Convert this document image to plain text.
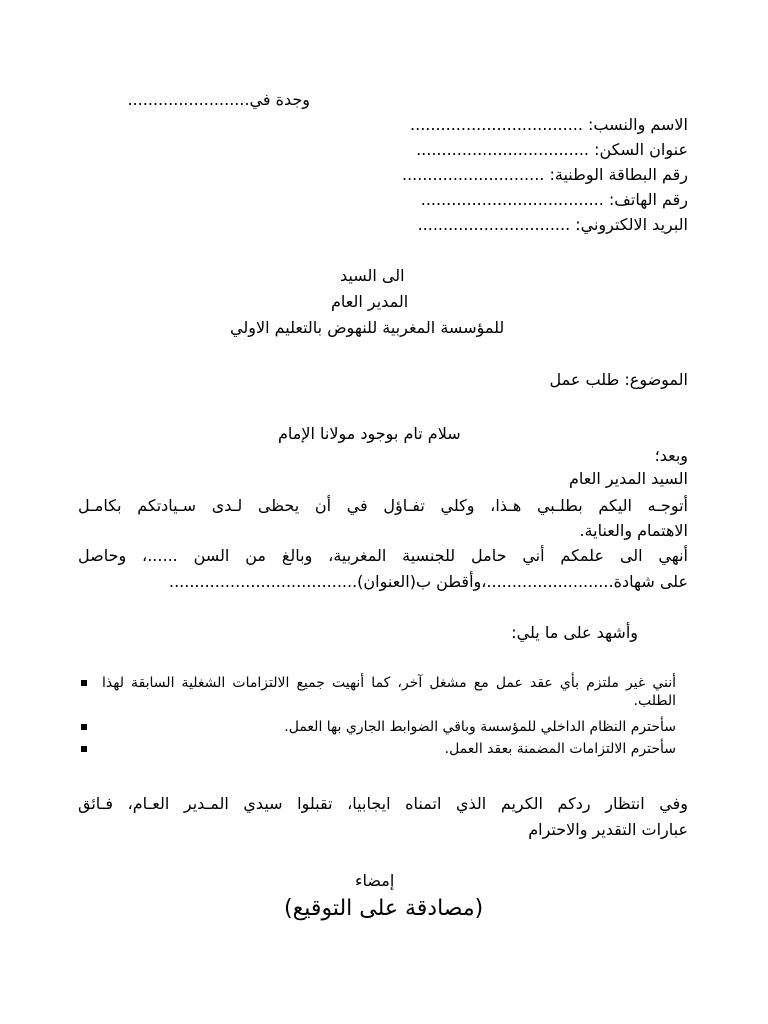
وجدة في........................
الاسم والنسب: ..................................
عنوان السكن: ..................................
رقم البطاقة الوطنية: ............................
رقم الهاتف: ....................................
البريد الالكتروني: ..............................
الى السيد
المدير العام
للمؤسسة المغربية للنهوض بالتعليم الاولي
الموضوع: طلب عمل
سلام تام بوجود مولانا الإمام
وبعد؛
السيد المدير العام
أتوجـه اليكم بطلـبي هـذا، وكلي تفـاؤل في أن يحظى لـدى سـيادتكم بكامـل
الاهتمام والعناية.
أنهي الى علمكم أني حامل للجنسية المغربية، وبالغ من السن ......، وحاصل
على شهادة.........................،وأقطن ب(العنوان).....................................
وأشهد على ما يلي:
أنني غير ملتزم بأي عقد عمل مع مشغل آخر، كما أنهيت جميع الالتزامات الشغلية السابقة لهذا الطلب.
سأحترم النظام الداخلي للمؤسسة وباقي الضوابط الجاري بها العمل.
سأحترم الالتزامات المضمنة بعقد العمل.
وفي انتظار ردكم الكريم الذي اتمناه ايجابيا، تقبلوا سيدي المـدير العـام، فـائق
عبارات التقدير والاحترام
إمضاء
(مصادقة على التوقيع)
